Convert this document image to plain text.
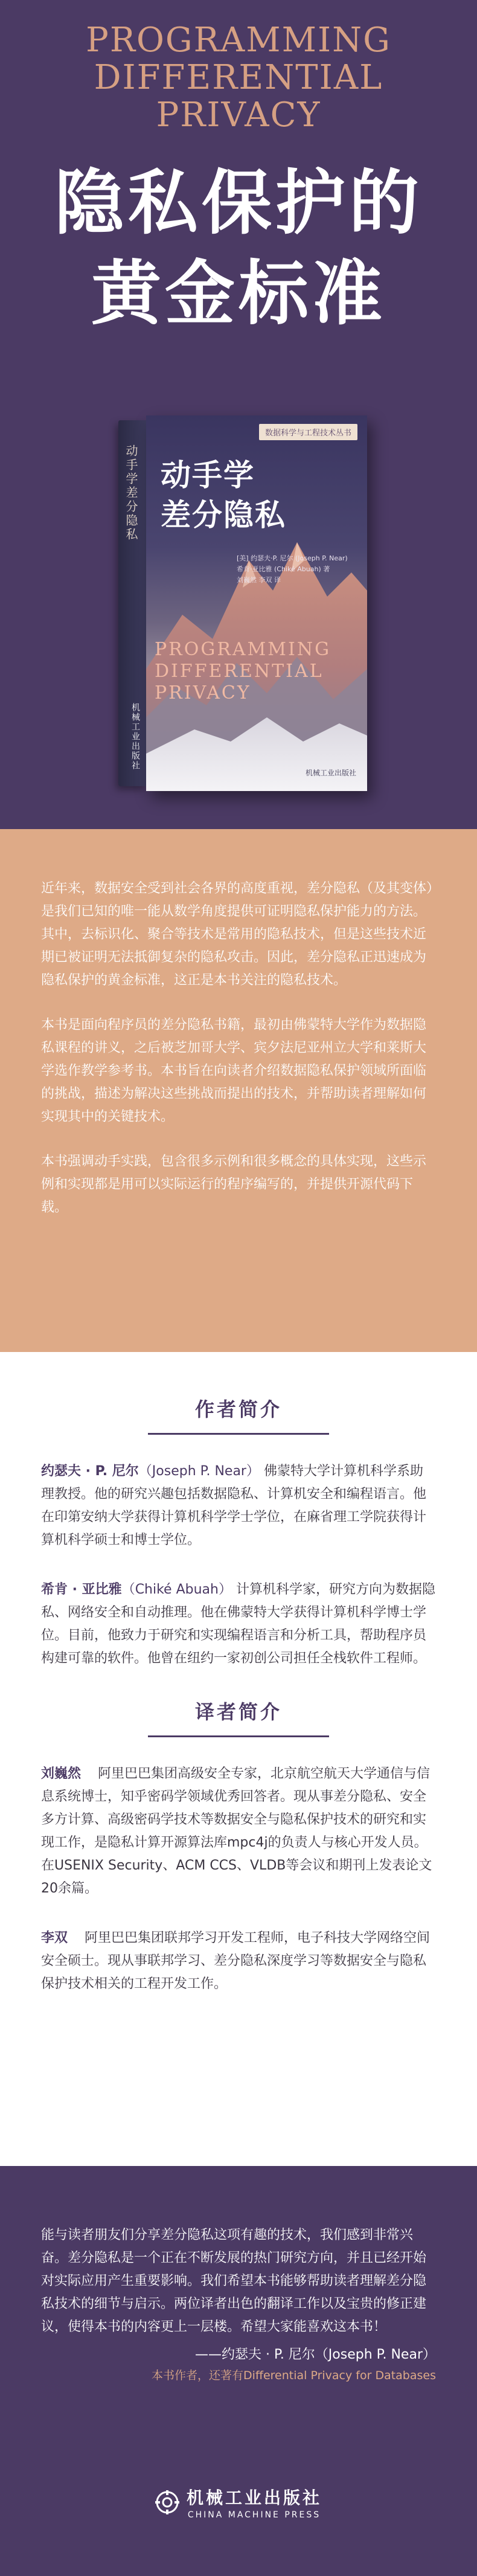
PROGRAMMING
DIFFERENTIAL
PRIVACY
隐私保护的
黄金标准
动手学差分隐私
机械工业出版社
数据科学与工程技术丛书
动手学
差分隐私
[美] 约瑟夫·P. 尼尔 (Joseph P. Near)
希肯·亚比雅 (Chiké Abuah) 著
刘巍然 李双 译
PROGRAMMING
DIFFERENTIAL
PRIVACY
机械工业出版社

近年来，数据安全受到社会各界的高度重视，差分隐私（及其变体）是我们已知的唯一能从数学角度提供可证明隐私保护能力的方法。其中，去标识化、聚合等技术是常用的隐私技术，但是这些技术近期已被证明无法抵御复杂的隐私攻击。因此，差分隐私正迅速成为隐私保护的黄金标准，这正是本书关注的隐私技术。

本书是面向程序员的差分隐私书籍，最初由佛蒙特大学作为数据隐私课程的讲义，之后被芝加哥大学、宾夕法尼亚州立大学和莱斯大学选作教学参考书。本书旨在向读者介绍数据隐私保护领域所面临的挑战，描述为解决这些挑战而提出的技术，并帮助读者理解如何实现其中的关键技术。

本书强调动手实践，包含很多示例和很多概念的具体实现，这些示例和实现都是用可以实际运行的程序编写的，并提供开源代码下载。

作者简介

约瑟夫 · P. 尼尔（Joseph P. Near） 佛蒙特大学计算机科学系助理教授。他的研究兴趣包括数据隐私、计算机安全和编程语言。他在印第安纳大学获得计算机科学学士学位，在麻省理工学院获得计算机科学硕士和博士学位。

希肯 · 亚比雅（Chiké Abuah） 计算机科学家，研究方向为数据隐私、网络安全和自动推理。他在佛蒙特大学获得计算机科学博士学位。目前，他致力于研究和实现编程语言和分析工具，帮助程序员构建可靠的软件。他曾在纽约一家初创公司担任全栈软件工程师。

译者简介

刘巍然 阿里巴巴集团高级安全专家，北京航空航天大学通信与信息系统博士，知乎密码学领域优秀回答者。现从事差分隐私、安全多方计算、高级密码学技术等数据安全与隐私保护技术的研究和实现工作，是隐私计算开源算法库mpc4j的负责人与核心开发人员。在USENIX Security、ACM CCS、VLDB等会议和期刊上发表论文20余篇。

李双 阿里巴巴集团联邦学习开发工程师，电子科技大学网络空间安全硕士。现从事联邦学习、差分隐私深度学习等数据安全与隐私保护技术相关的工程开发工作。

能与读者朋友们分享差分隐私这项有趣的技术，我们感到非常兴奋。差分隐私是一个正在不断发展的热门研究方向，并且已经开始对实际应用产生重要影响。我们希望本书能够帮助读者理解差分隐私技术的细节与启示。两位译者出色的翻译工作以及宝贵的修正建议，使得本书的内容更上一层楼。希望大家能喜欢这本书！

——约瑟夫 · P. 尼尔（Joseph P. Near）
本书作者，还著有Differential Privacy for Databases
机械工业出版社
CHINA MACHINE PRESS
